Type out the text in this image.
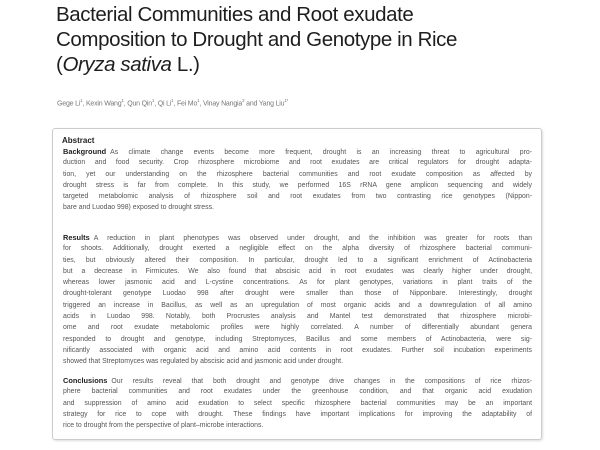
Bacterial Communities and Root exudate
Composition to Drought and Genotype in Rice
(Oryza sativa L.)
Gege Li$^1$, Kexin Wang$^1$, Qun Qin$^1$, Qi Li$^1$, Fei Mo$^1$, Vinay Nangia$^2$ and Yang Liu$^{1*}$
Abstract
Background As climate change events become more frequent, drought is an increasing threat to agricultural pro-
duction and food security. Crop rhizosphere microbiome and root exudates are critical regulators for drought adapta-
tion, yet our understanding on the rhizosphere bacterial communities and root exudate composition as affected by
drought stress is far from complete. In this study, we performed 16S rRNA gene amplicon sequencing and widely
targeted metabolomic analysis of rhizosphere soil and root exudates from two contrasting rice genotypes (Nippon-
bare and Luodao 998) exposed to drought stress.
Results A reduction in plant phenotypes was observed under drought, and the inhibition was greater for roots than
for shoots. Additionally, drought exerted a negligible effect on the alpha diversity of rhizosphere bacterial communi-
ties, but obviously altered their composition. In particular, drought led to a significant enrichment of Actinobacteria
but a decrease in Firmicutes. We also found that abscisic acid in root exudates was clearly higher under drought,
whereas lower jasmonic acid and L-cystine concentrations. As for plant genotypes, variations in plant traits of the
drought-tolerant genotype Luodao 998 after drought were smaller than those of Nipponbare. Interestingly, drought
triggered an increase in Bacillus, as well as an upregulation of most organic acids and a downregulation of all amino
acids in Luodao 998. Notably, both Procrustes analysis and Mantel test demonstrated that rhizosphere microbi-
ome and root exudate metabolomic profiles were highly correlated. A number of differentially abundant genera
responded to drought and genotype, including Streptomyces, Bacillus and some members of Actinobacteria, were sig-
nificantly associated with organic acid and amino acid contents in root exudates. Further soil incubation experiments
showed that Streptomyces was regulated by abscisic acid and jasmonic acid under drought.
Conclusions Our results reveal that both drought and genotype drive changes in the compositions of rice rhizos-
phere bacterial communities and root exudates under the greenhouse condition, and that organic acid exudation
and suppression of amino acid exudation to select specific rhizosphere bacterial communities may be an important
strategy for rice to cope with drought. These findings have important implications for improving the adaptability of
rice to drought from the perspective of plant–microbe interactions.
